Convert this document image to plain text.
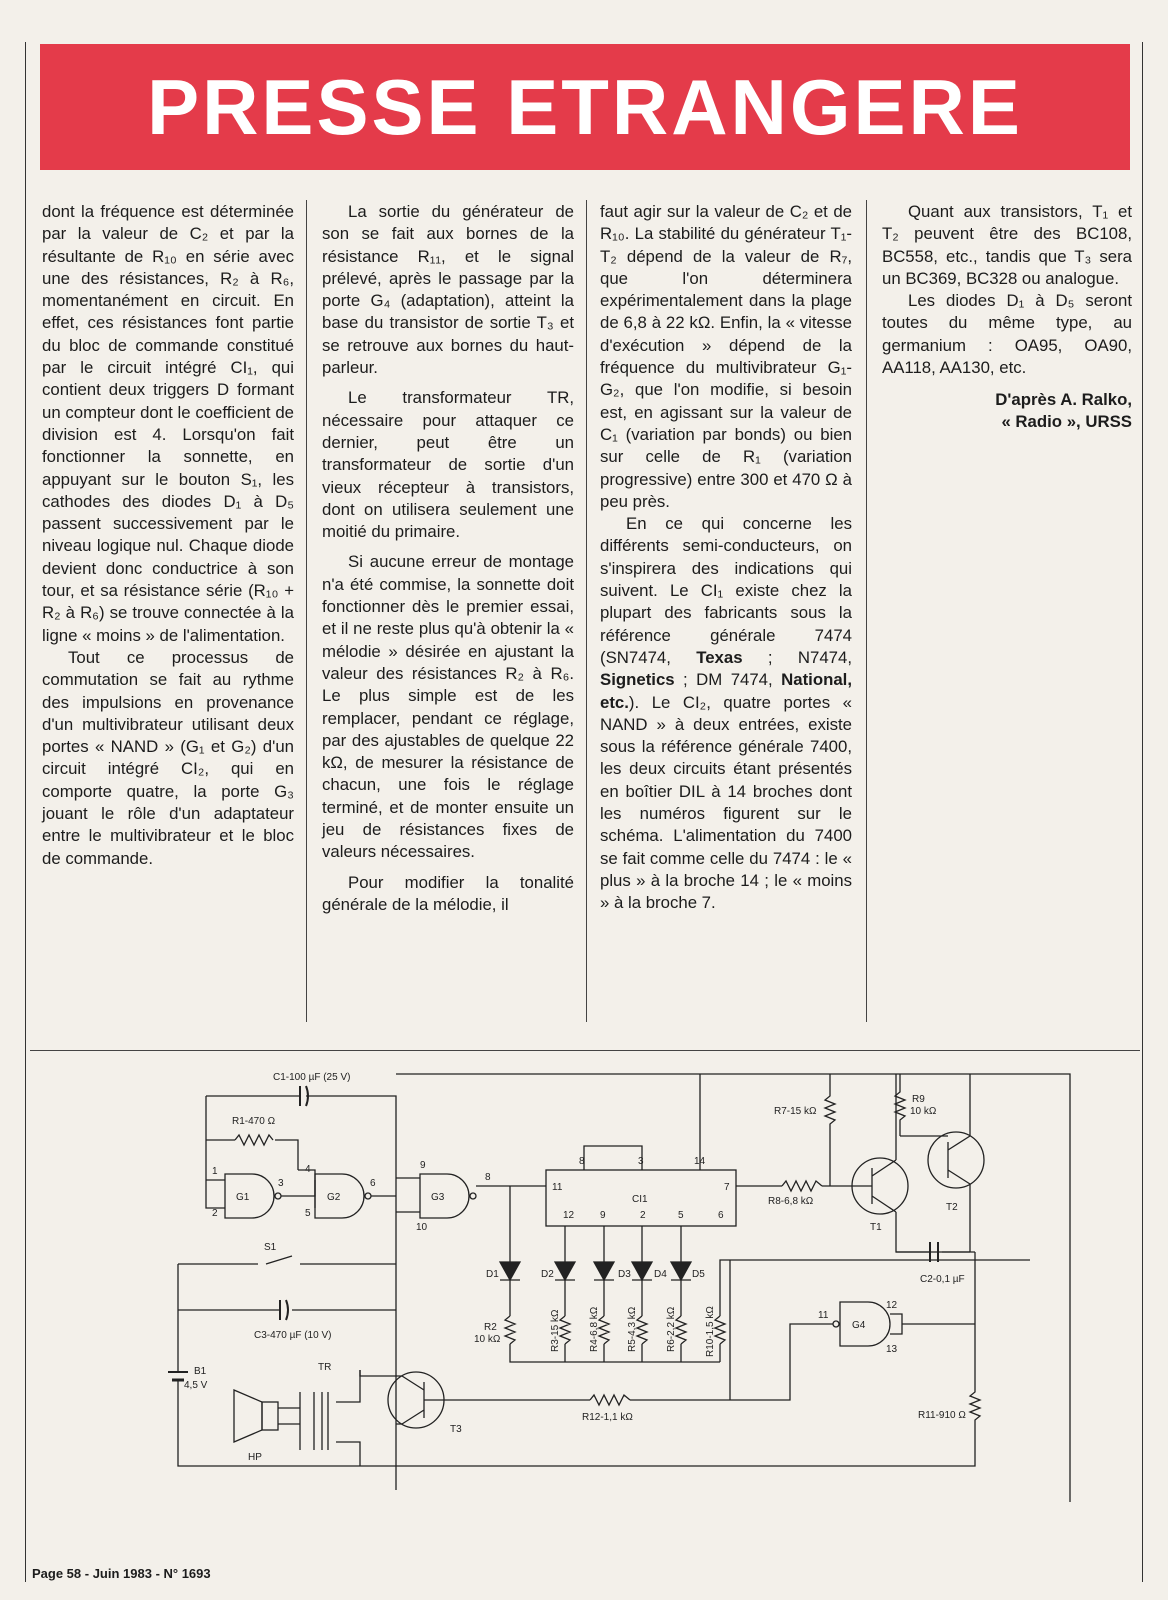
PRESSE ETRANGERE

dont la fréquence est déterminée par la valeur de C₂ et par la résultante de R₁₀ en série avec une des résistances, R₂ à R₆, momentanément en circuit. En effet, ces résistances font partie du bloc de commande constitué par le circuit intégré CI₁, qui contient deux triggers D formant un compteur dont le coefficient de division est 4. Lorsqu'on fait fonctionner la sonnette, en appuyant sur le bouton S₁, les cathodes des diodes D₁ à D₅ passent successivement par le niveau logique nul. Chaque diode devient donc conductrice à son tour, et sa résistance série (R₁₀ + R₂ à R₆) se trouve connectée à la ligne « moins » de l'alimentation.

Tout ce processus de commutation se fait au rythme des impulsions en provenance d'un multivibrateur utilisant deux portes « NAND » (G₁ et G₂) d'un circuit intégré CI₂, qui en comporte quatre, la porte G₃ jouant le rôle d'un adaptateur entre le multivibrateur et le bloc de commande.

La sortie du générateur de son se fait aux bornes de la résistance R₁₁, et le signal prélevé, après le passage par la porte G₄ (adaptation), atteint la base du transistor de sortie T₃ et se retrouve aux bornes du haut-parleur.

Le transformateur TR, nécessaire pour attaquer ce dernier, peut être un transformateur de sortie d'un vieux récepteur à transistors, dont on utilisera seulement une moitié du primaire.

Si aucune erreur de montage n'a été commise, la sonnette doit fonctionner dès le premier essai, et il ne reste plus qu'à obtenir la « mélodie » désirée en ajustant la valeur des résistances R₂ à R₆. Le plus simple est de les remplacer, pendant ce réglage, par des ajustables de quelque 22 kΩ, de mesurer la résistance de chacun, une fois le réglage terminé, et de monter ensuite un jeu de résistances fixes de valeurs nécessaires.

Pour modifier la tonalité générale de la mélodie, il

faut agir sur la valeur de C₂ et de R₁₀. La stabilité du générateur T₁-T₂ dépend de la valeur de R₇, que l'on déterminera expérimentalement dans la plage de 6,8 à 22 kΩ. Enfin, la « vitesse d'exécution » dépend de la fréquence du multivibrateur G₁-G₂, que l'on modifie, si besoin est, en agissant sur la valeur de C₁ (variation par bonds) ou bien sur celle de R₁ (variation progressive) entre 300 et 470 Ω à peu près.

En ce qui concerne les différents semi-conducteurs, on s'inspirera des indications qui suivent. Le CI₁ existe chez la plupart des fabricants sous la référence générale 7474 (SN7474, Texas ; N7474, Signetics ; DM 7474, National, etc.). Le CI₂, quatre portes « NAND » à deux entrées, existe sous la référence générale 7400, les deux circuits étant présentés en boîtier DIL à 14 broches dont les numéros figurent sur le schéma. L'alimentation du 7400 se fait comme celle du 7474 : le « plus » à la broche 14 ; le « moins » à la broche 7.

Quant aux transistors, T₁ et T₂ peuvent être des BC108, BC558, etc., tandis que T₃ sera un BC369, BC328 ou analogue.

Les diodes D₁ à D₅ seront toutes du même type, au germanium : OA95, OA90, AA118, AA130, etc.

D'après A. Ralko,
« Radio », URSS
C1-100 µF (25 V)
R1-470 Ω
G1
1
2
3
G2
4
5
6
G3
9
10
8
CI1
8	3	14
11	7
12	9	2	5	6
D1	D2	D3 D4	D5
R2
10 kΩ	R3-15 kΩ	R4-6,8 kΩ	R5-4,3 kΩ	R6-2,2 kΩ	R10-1,5 kΩ
R8-6,8 kΩ
R7-15 kΩ
T1
R9
10 kΩ
T2
C2-0,1 µF
G4
11
12
13
R11-910 Ω
R12-1,1 kΩ
T3
S1
C3-470 µF (10 V)
B1
4,5 V
TR
HP
Page 58 - Juin 1983 - N° 1693
